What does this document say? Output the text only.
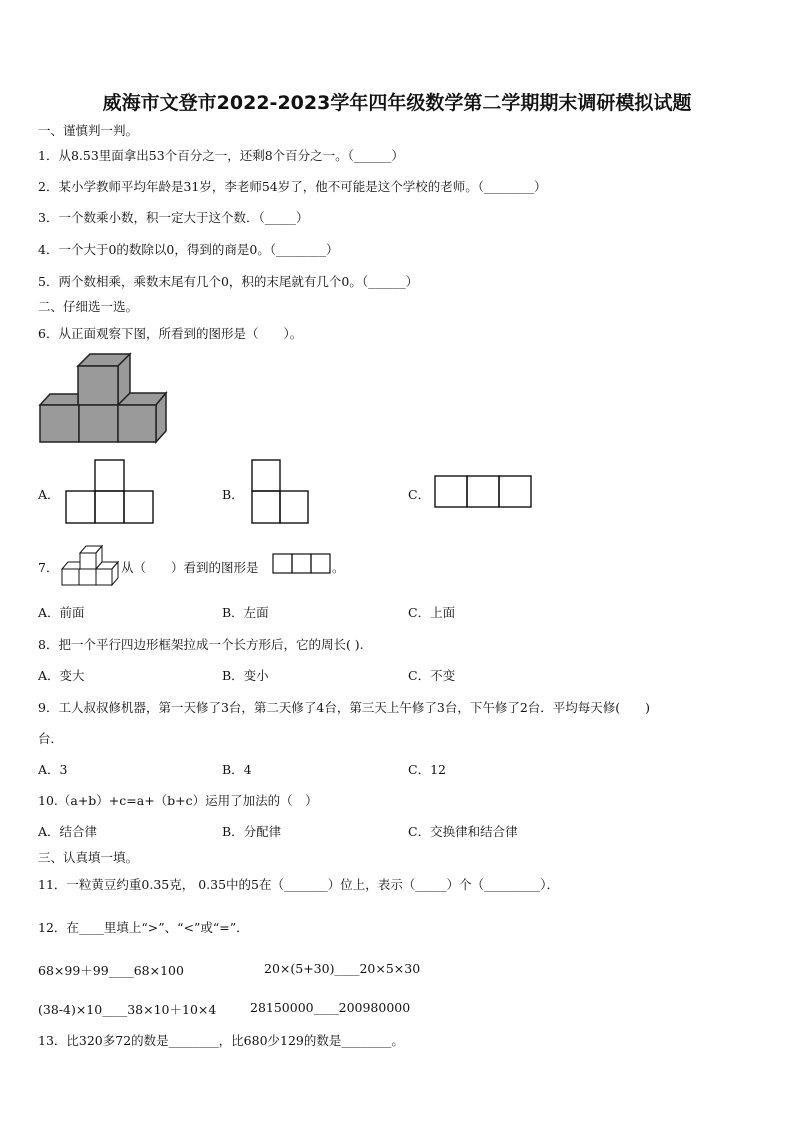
威海市文登市2022-2023学年四年级数学第二学期期末调研模拟试题
一、谨慎判一判。
1．从8.53里面拿出53个百分之一，还剩8个百分之一。（______）
2．某小学教师平均年龄是31岁，李老师54岁了，他不可能是这个学校的老师。（________）
3．一个数乘小数，积一定大于这个数．（_____）
4．一个大于0的数除以0，得到的商是0。（________）
5．两个数相乘，乘数末尾有几个0，积的末尾就有几个0。（______）
二、仔细选一选。
6．从正面观察下图，所看到的图形是（　　）。
A．	B．	C．
7．	从（　　）看到的图形是	。
A．前面	B．左面	C．上面
8．把一个平行四边形框架拉成一个长方形后，它的周长( ).
A．变大	B．变小	C．不变
9．工人叔叔修机器，第一天修了3台，第二天修了4台，第三天上午修了3台，下午修了2台．平均每天修(　　)
台．
A．3	B．4	C．12
10.（a+b）+c=a+（b+c）运用了加法的（　）
A．结合律	B．分配律	C．交换律和结合律
三、认真填一填。
11．一粒黄豆约重0.35克， 0.35中的5在（_______）位上，表示（_____）个（_________）．
12．在____里填上“>”、“<”或“=”．
68×99＋99____68×100	20×(5+30)____20×5×30
(38-4)×10____38×10＋10×4	28150000____200980000
13．比320多72的数是________，比680少129的数是________。
